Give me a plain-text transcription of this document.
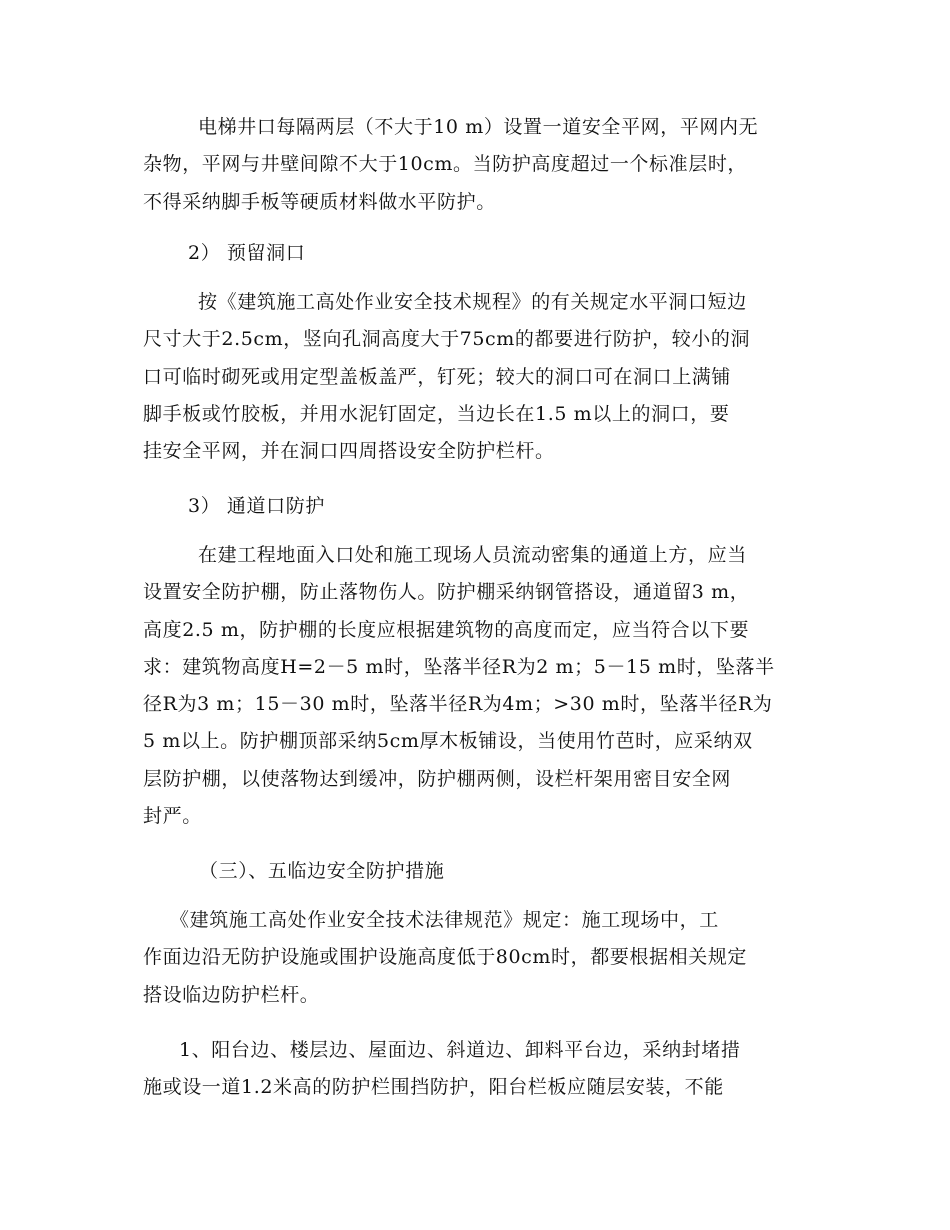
电梯井口每隔两层（不大于10 m）设置一道安全平网，平网内无
杂物，平网与井壁间隙不大于10cm。当防护高度超过一个标准层时，
不得采纳脚手板等硬质材料做水平防护。

2） 预留洞口

按《建筑施工高处作业安全技术规程》的有关规定水平洞口短边
尺寸大于2.5cm，竖向孔洞高度大于75cm的都要进行防护，较小的洞
口可临时砌死或用定型盖板盖严，钉死；较大的洞口可在洞口上满铺
脚手板或竹胶板，并用水泥钉固定，当边长在1.5 m以上的洞口，要
挂安全平网，并在洞口四周搭设安全防护栏杆。

3） 通道口防护

在建工程地面入口处和施工现场人员流动密集的通道上方，应当
设置安全防护棚，防止落物伤人。防护棚采纳钢管搭设，通道留3 m，
高度2.5 m，防护棚的长度应根据建筑物的高度而定，应当符合以下要
求：建筑物高度H=2－5 m时，坠落半径R为2 m；5－15 m时，坠落半
径R为3 m；15－30 m时，坠落半径R为4m；>30 m时，坠落半径R为
5 m以上。防护棚顶部采纳5cm厚木板铺设，当使用竹芭时，应采纳双
层防护棚，以使落物达到缓冲，防护棚两侧，设栏杆架用密目安全网
封严。

（三）、五临边安全防护措施

《建筑施工高处作业安全技术法律规范》规定：施工现场中，工
作面边沿无防护设施或围护设施高度低于80cm时，都要根据相关规定
搭设临边防护栏杆。
1、阳台边、楼层边、屋面边、斜道边、卸料平台边，采纳封堵措
施或设一道1.2米高的防护栏围挡防护，阳台栏板应随层安装，不能
